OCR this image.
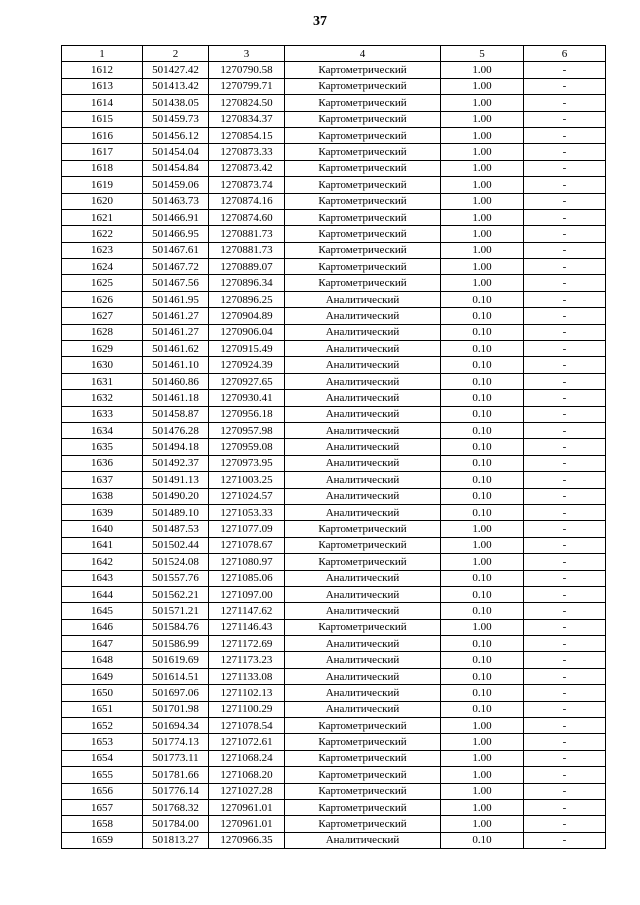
37
1	2	3	4	5	6
1612	501427.42	1270790.58	Картометрический	1.00	-
1613	501413.42	1270799.71	Картометрический	1.00	-
1614	501438.05	1270824.50	Картометрический	1.00	-
1615	501459.73	1270834.37	Картометрический	1.00	-
1616	501456.12	1270854.15	Картометрический	1.00	-
1617	501454.04	1270873.33	Картометрический	1.00	-
1618	501454.84	1270873.42	Картометрический	1.00	-
1619	501459.06	1270873.74	Картометрический	1.00	-
1620	501463.73	1270874.16	Картометрический	1.00	-
1621	501466.91	1270874.60	Картометрический	1.00	-
1622	501466.95	1270881.73	Картометрический	1.00	-
1623	501467.61	1270881.73	Картометрический	1.00	-
1624	501467.72	1270889.07	Картометрический	1.00	-
1625	501467.56	1270896.34	Картометрический	1.00	-
1626	501461.95	1270896.25	Аналитический	0.10	-
1627	501461.27	1270904.89	Аналитический	0.10	-
1628	501461.27	1270906.04	Аналитический	0.10	-
1629	501461.62	1270915.49	Аналитический	0.10	-
1630	501461.10	1270924.39	Аналитический	0.10	-
1631	501460.86	1270927.65	Аналитический	0.10	-
1632	501461.18	1270930.41	Аналитический	0.10	-
1633	501458.87	1270956.18	Аналитический	0.10	-
1634	501476.28	1270957.98	Аналитический	0.10	-
1635	501494.18	1270959.08	Аналитический	0.10	-
1636	501492.37	1270973.95	Аналитический	0.10	-
1637	501491.13	1271003.25	Аналитический	0.10	-
1638	501490.20	1271024.57	Аналитический	0.10	-
1639	501489.10	1271053.33	Аналитический	0.10	-
1640	501487.53	1271077.09	Картометрический	1.00	-
1641	501502.44	1271078.67	Картометрический	1.00	-
1642	501524.08	1271080.97	Картометрический	1.00	-
1643	501557.76	1271085.06	Аналитический	0.10	-
1644	501562.21	1271097.00	Аналитический	0.10	-
1645	501571.21	1271147.62	Аналитический	0.10	-
1646	501584.76	1271146.43	Картометрический	1.00	-
1647	501586.99	1271172.69	Аналитический	0.10	-
1648	501619.69	1271173.23	Аналитический	0.10	-
1649	501614.51	1271133.08	Аналитический	0.10	-
1650	501697.06	1271102.13	Аналитический	0.10	-
1651	501701.98	1271100.29	Аналитический	0.10	-
1652	501694.34	1271078.54	Картометрический	1.00	-
1653	501774.13	1271072.61	Картометрический	1.00	-
1654	501773.11	1271068.24	Картометрический	1.00	-
1655	501781.66	1271068.20	Картометрический	1.00	-
1656	501776.14	1271027.28	Картометрический	1.00	-
1657	501768.32	1270961.01	Картометрический	1.00	-
1658	501784.00	1270961.01	Картометрический	1.00	-
1659	501813.27	1270966.35	Аналитический	0.10	-
